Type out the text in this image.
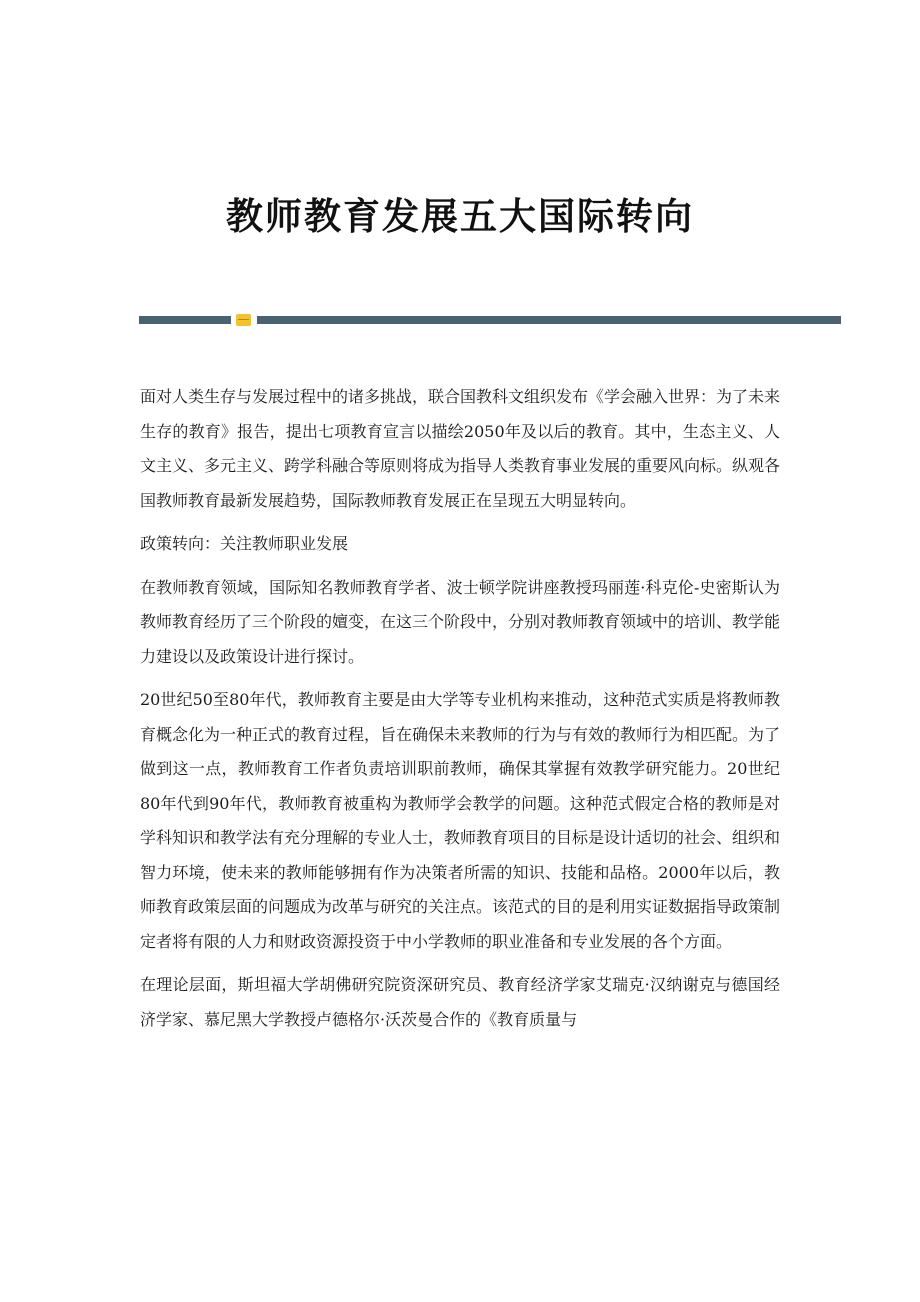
教师教育发展五大国际转向

面对人类生存与发展过程中的诸多挑战，联合国教科文组织发布《学会融入世界：为了未来生存的教育》报告，提出七项教育宣言以描绘2050年及以后的教育。其中，生态主义、人文主义、多元主义、跨学科融合等原则将成为指导人类教育事业发展的重要风向标。纵观各国教师教育最新发展趋势，国际教师教育发展正在呈现五大明显转向。

政策转向：关注教师职业发展

在教师教育领域，国际知名教师教育学者、波士顿学院讲座教授玛丽莲·科克伦-史密斯认为教师教育经历了三个阶段的嬗变，在这三个阶段中，分别对教师教育领域中的培训、教学能力建设以及政策设计进行探讨。

20世纪50至80年代，教师教育主要是由大学等专业机构来推动，这种范式实质是将教师教育概念化为一种正式的教育过程，旨在确保未来教师的行为与有效的教师行为相匹配。为了做到这一点，教师教育工作者负责培训职前教师，确保其掌握有效教学研究能力。20世纪80年代到90年代，教师教育被重构为教师学会教学的问题。这种范式假定合格的教师是对学科知识和教学法有充分理解的专业人士，教师教育项目的目标是设计适切的社会、组织和智力环境，使未来的教师能够拥有作为决策者所需的知识、技能和品格。2000年以后，教师教育政策层面的问题成为改革与研究的关注点。该范式的目的是利用实证数据指导政策制定者将有限的人力和财政资源投资于中小学教师的职业准备和专业发展的各个方面。

在理论层面，斯坦福大学胡佛研究院资深研究员、教育经济学家艾瑞克·汉纳谢克与德国经济学家、慕尼黑大学教授卢德格尔·沃茨曼合作的《教育质量与
